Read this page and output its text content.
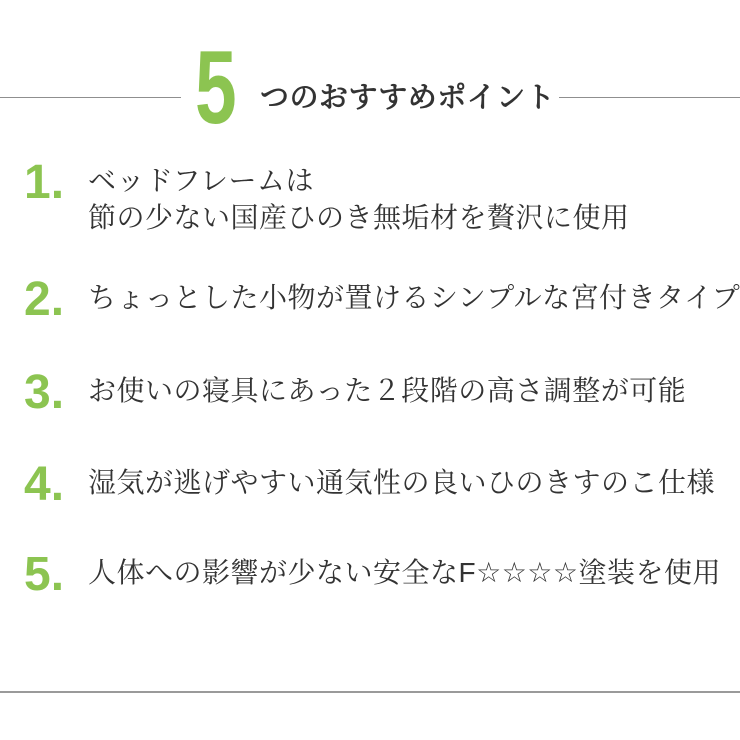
5 つのおすすめポイント
1. ベッドフレームは
節の少ない国産ひのき無垢材を贅沢に使用
2. ちょっとした小物が置けるシンプルな宮付きタイプ
3. お使いの寝具にあった２段階の高さ調整が可能
4. 湿気が逃げやすい通気性の良いひのきすのこ仕様
5. 人体への影響が少ない安全なF☆☆☆☆塗装を使用
